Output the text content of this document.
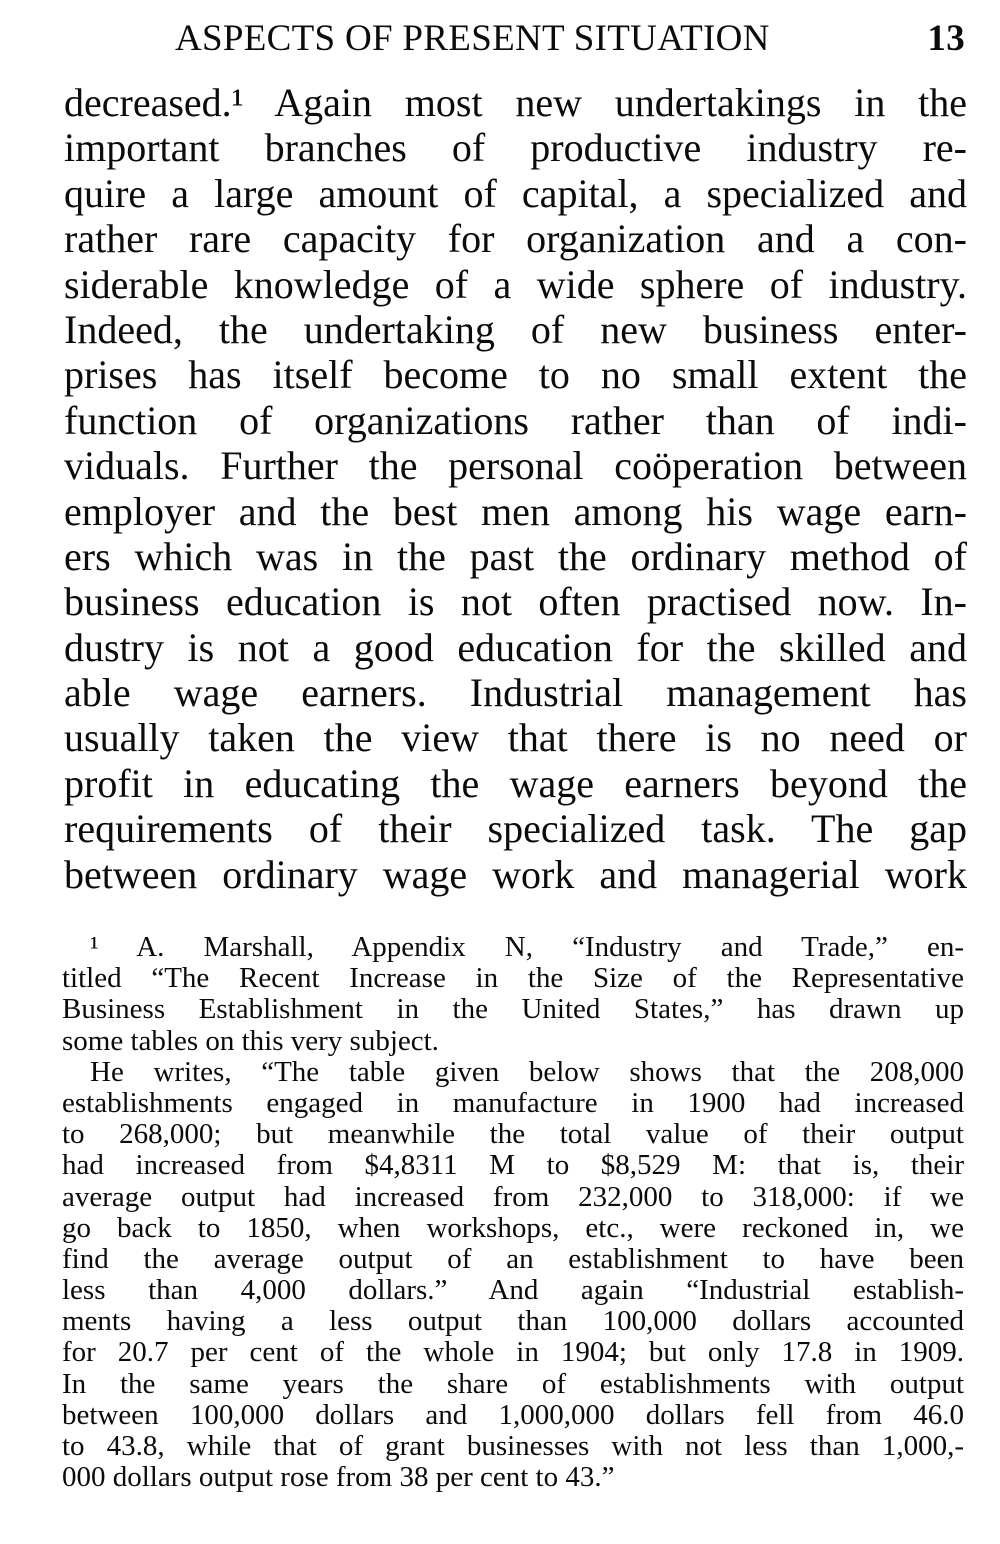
ASPECTS OF PRESENT SITUATION	13
decreased.¹ Again most new undertakings in the
important branches of productive industry re-
quire a large amount of capital, a specialized and
rather rare capacity for organization and a con-
siderable knowledge of a wide sphere of industry.
Indeed, the undertaking of new business enter-
prises has itself become to no small extent the
function of organizations rather than of indi-
viduals. Further the personal coöperation between
employer and the best men among his wage earn-
ers which was in the past the ordinary method of
business education is not often practised now. In-
dustry is not a good education for the skilled and
able wage earners. Industrial management has
usually taken the view that there is no need or
profit in educating the wage earners beyond the
requirements of their specialized task. The gap
between ordinary wage work and managerial work
¹ A. Marshall, Appendix N, “Industry and Trade,” en-
titled “The Recent Increase in the Size of the Representative
Business Establishment in the United States,” has drawn up
some tables on this very subject.
He writes, “The table given below shows that the 208,000
establishments engaged in manufacture in 1900 had increased
to 268,000; but meanwhile the total value of their output
had increased from $4,8311 M to $8,529 M: that is, their
average output had increased from 232,000 to 318,000: if we
go back to 1850, when workshops, etc., were reckoned in, we
find the average output of an establishment to have been
less than 4,000 dollars.” And again “Industrial establish-
ments having a less output than 100,000 dollars accounted
for 20.7 per cent of the whole in 1904; but only 17.8 in 1909.
In the same years the share of establishments with output
between 100,000 dollars and 1,000,000 dollars fell from 46.0
to 43.8, while that of grant businesses with not less than 1,000,-
000 dollars output rose from 38 per cent to 43.”
